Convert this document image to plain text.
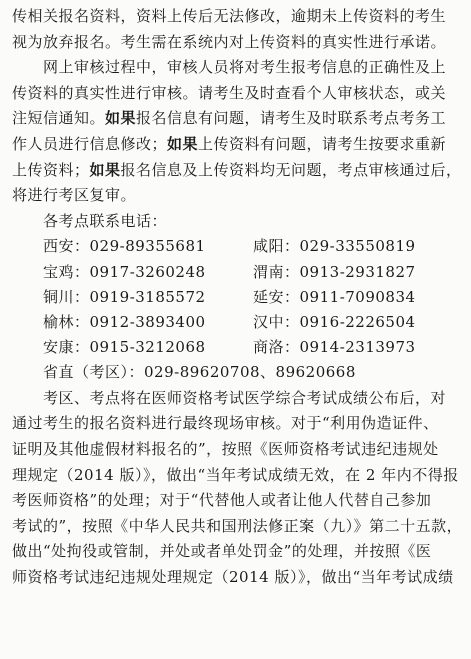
传相关报名资料，资料上传后无法修改，逾期未上传资料的考生
视为放弃报名。考生需在系统内对上传资料的真实性进行承诺。
网上审核过程中，审核人员将对考生报考信息的正确性及上
传资料的真实性进行审核。请考生及时查看个人审核状态，或关
注短信通知。如果报名信息有问题，请考生及时联系考点考务工
作人员进行信息修改；如果上传资料有问题，请考生按要求重新
上传资料；如果报名信息及上传资料均无问题，考点审核通过后，
将进行考区复审。
各考点联系电话：
西安：029-89355681	咸阳：029-33550819
宝鸡：0917-3260248	渭南：0913-2931827
铜川：0919-3185572	延安：0911-7090834
榆林：0912-3893400	汉中：0916-2226504
安康：0915-3212068	商洛：0914-2313973
省直（考区）：029-89620708、89620668
考区、考点将在医师资格考试医学综合考试成绩公布后，对
通过考生的报名资料进行最终现场审核。对于“利用伪造证件、
证明及其他虚假材料报名的”，按照《医师资格考试违纪违规处
理规定（2014 版）》，做出“当年考试成绩无效，在 2 年内不得报
考医师资格”的处理；对于“代替他人或者让他人代替自己参加
考试的”，按照《中华人民共和国刑法修正案（九）》第二十五款，
做出“处拘役或管制，并处或者单处罚金”的处理，并按照《医
师资格考试违纪违规处理规定（2014 版）》，做出“当年考试成绩
